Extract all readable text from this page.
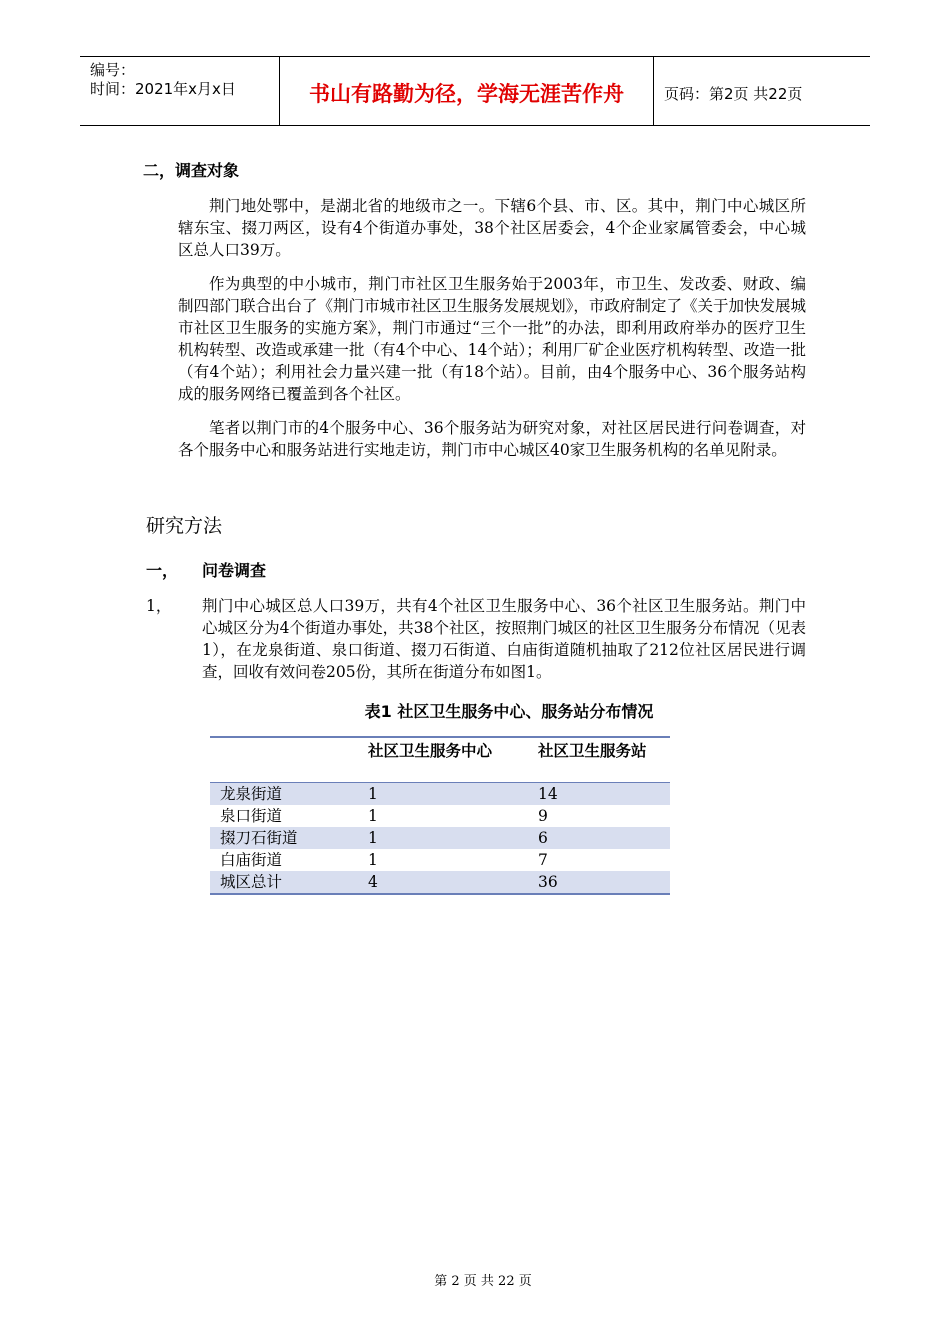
编号：
时间：2021年x月x日	书山有路勤为径，学海无涯苦作舟	页码：第2页 共22页
二，调查对象

荆门地处鄂中，是湖北省的地级市之一。下辖6个县、市、区。其中，荆门中心城区所辖东宝、掇刀两区，设有4个街道办事处，38个社区居委会，4个企业家属管委会，中心城区总人口39万。

作为典型的中小城市，荆门市社区卫生服务始于2003年，市卫生、发改委、财政、编制四部门联合出台了《荆门市城市社区卫生服务发展规划》，市政府制定了《关于加快发展城市社区卫生服务的实施方案》，荆门市通过“三个一批”的办法，即利用政府举办的医疗卫生机构转型、改造或承建一批（有4个中心、14个站）；利用厂矿企业医疗机构转型、改造一批（有4个站）；利用社会力量兴建一批（有18个站）。目前，由4个服务中心、36个服务站构成的服务网络已覆盖到各个社区。

笔者以荆门市的4个服务中心、36个服务站为研究对象，对社区居民进行问卷调查，对各个服务中心和服务站进行实地走访，荆门市中心城区40家卫生服务机构的名单见附录。

研究方法
一，	问卷调查
1，	荆门中心城区总人口39万，共有4个社区卫生服务中心、36个社区卫生服务站。荆门中心城区分为4个街道办事处，共38个社区，按照荆门城区的社区卫生服务分布情况（见表1），在龙泉街道、泉口街道、掇刀石街道、白庙街道随机抽取了212位社区居民进行调查，回收有效问卷205份，其所在街道分布如图1。
表1 社区卫生服务中心、服务站分布情况
	社区卫生服务中心	社区卫生服务站
龙泉街道	1	14
泉口街道	1	9
掇刀石街道	1	6
白庙街道	1	7
城区总计	4	36
第 2 页 共 22 页
